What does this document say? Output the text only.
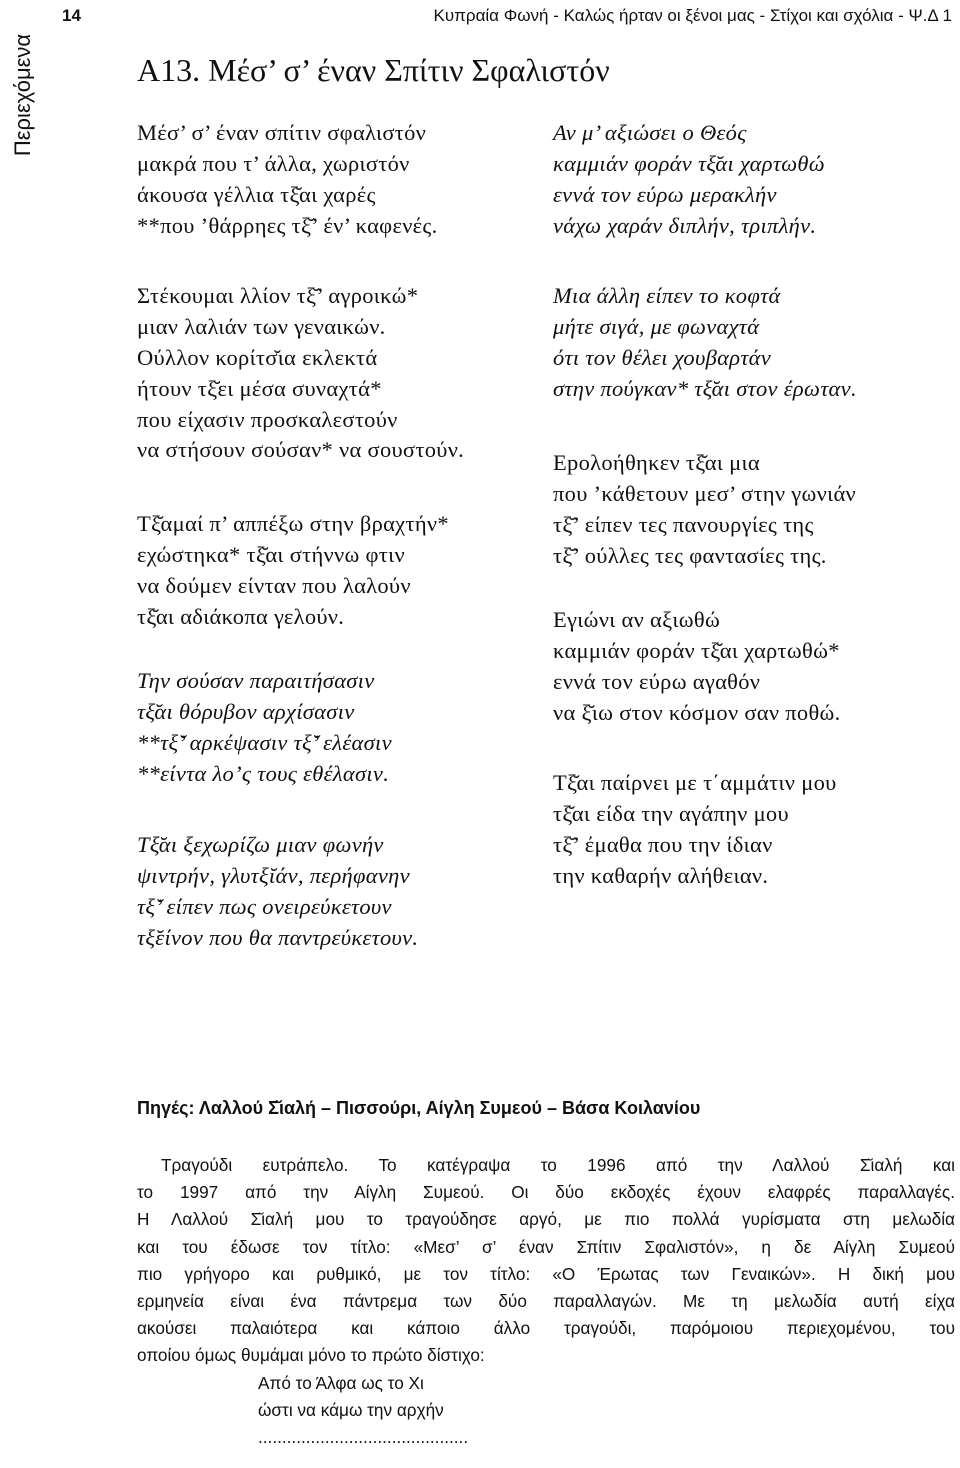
Περιεχόμενα
14	Κυπραία Φωνή - Καλώς ήρταν οι ξένοι μας - Στίχοι και σχόλια - Ψ.Δ 1
Α13. Μέσ’ σ’ έναν Σπίτιν Σφαλιστόν
Μέσ’ σ’ έναν σπίτιν σφαλιστόν
μακρά που τ’ άλλα, χωριστόν
άκουσα γέλλια τξ̆αι χαρές
**που ’θάρρηες τξ̆’ έν’ καφενές.
Στέκουμαι λλίον τξ̆’ αγροικώ*
μιαν λαλιάν των γεναικών.
Ούλλον κορίτσ̆ια εκλεκτά
ήτουν τξ̆ει μέσα συναχτά*
που είχασιν προσκαλεστούν
να στήσουν σούσαν* να σουστούν.
Τξ̆αμαί π’ αππέξω στην βραχτήν*
εχώστηκα* τξ̆αι στήννω φτιν
να δούμεν είνταν που λαλούν
τξ̆αι αδιάκοπα γελούν.
Την σούσαν παραιτήσασιν
τξ̆αι θόρυβον αρχίσασιν
**τξ̆’ αρκέψασιν τξ̆’ ελέασιν
**είντα λο’ς τους εθέλασιν.
Τξ̆αι ξεχωρίζω μιαν φωνήν
ψιντρήν, γλυτξ̆ιάν, περήφανην
τξ̆’ είπεν πως ονειρεύκετουν
τξ̆είνον που θα παντρεύκετουν.
Αν μ’ αξιώσει ο Θεός
καμμιάν φοράν τξ̆αι χαρτωθώ
εννά τον εύρω μερακλήν
νάχω χαράν διπλήν, τριπλήν.
Μια άλλη είπεν το κοφτά
μήτε σιγά, με φωναχτά
ότι τον θέλει χουβαρτάν
στην πούγκαν* τξ̆αι στον έρωταν.
Εpολοήθηκεν τξ̆αι μια
που ’κάθετουν μεσ’ στην γωνιάν
τξ̆’ είπεν τες πανουργίες της
τξ̆’ ούλλες τες φαντασίες της.
Εγιώνι αν αξιωθώ
καμμιάν φοράν τξ̆αι χαρτωθώ*
εννά τον εύρω αγαθόν
να ξ̆ιω στον κόσμον σαν ποθώ.
Τξ̆αι παίρνει με τ΄αμμάτιν μου
τξ̆αι είδα την αγάπην μου
τξ̆’ έμαθα που την ίδιαν
την καθαρήν αλήθειαν.
Πηγές: Λαλλού Σ̆ιαλή – Πισσούρι, Αίγλη Συμεού – Βάσα Κοιλανίου
Τραγούδι ευτράπελο. Το κατέγραψα το 1996 από την Λαλλού Σ̆ιαλή και
το 1997 από την Αίγλη Συμεού. Οι δύο εκδοχές έχουν ελαφρές παραλλαγές.
Η Λαλλού Σ̆ιαλή μου το τραγούδησε αργό, με πιο πολλά γυρίσματα στη μελωδία
και του έδωσε τον τίτλο: «Μεσ’ σ’ έναν Σπίτιν Σφαλιστόν», η δε Αίγλη Συμεού
πιο γρήγορο και ρυθμικό, με τον τίτλο: «Ο Έρωτας των Γεναικών». Η δική μου
ερμηνεία είναι ένα πάντρεμα των δύο παραλλαγών. Με τη μελωδία αυτή είχα
ακούσει παλαιότερα και κάποιο άλλο τραγούδι, παρόμοιου περιεχομένου, του
οποίου όμως θυμάμαι μόνο το πρώτο δίστιχο:
Από το Άλφα ως το Χι
ώστι να κάμω την αρχήν
............................................
